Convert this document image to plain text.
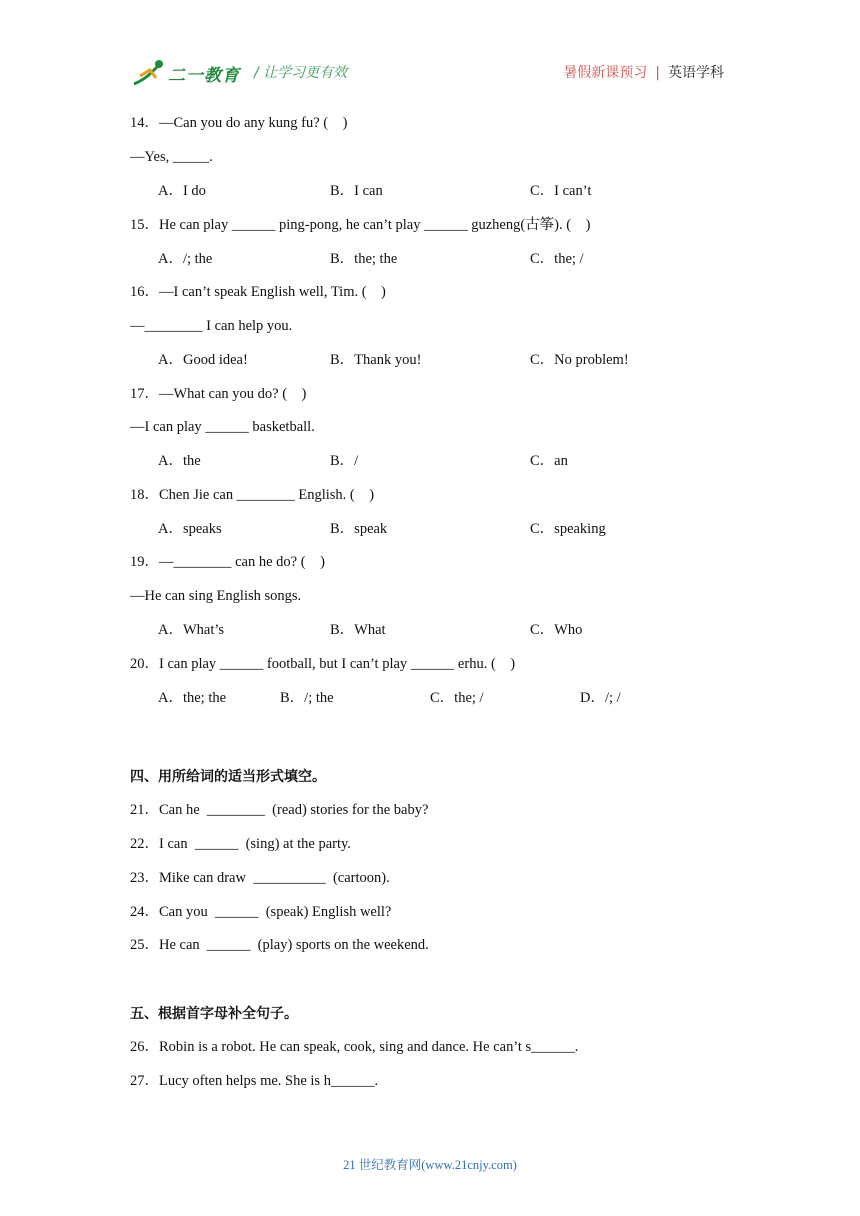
二一教育 / 让学习更有效	暑假新课预习 | 英语学科
14．—Can you do any kung fu? (    )
—Yes, _____.
A．I do	B．I can	C．I can’t
15．He can play ______ ping-pong, he can’t play ______ guzheng(古筝). (    )
A．/; the	B．the; the	C．the; /
16．—I can’t speak English well, Tim. (    )
—________ I can help you.
A．Good idea!	B．Thank you!	C．No problem!
17．—What can you do? (    )
—I can play ______ basketball.
A．the	B．/	C．an
18．Chen Jie can ________ English. (    )
A．speaks	B．speak	C．speaking
19．—________ can he do? (    )
—He can sing English songs.
A．What’s	B．What	C．Who
20．I can play ______ football, but I can’t play ______ erhu. (    )
A．the; the	B．/; the	C．the; /	D．/; /
四、用所给词的适当形式填空。
21．Can he  ________  (read) stories for the baby?
22．I can  ______  (sing) at the party.
23．Mike can draw  __________  (cartoon).
24．Can you  ______  (speak) English well?
25．He can  ______  (play) sports on the weekend.
五、根据首字母补全句子。
26．Robin is a robot. He can speak, cook, sing and dance. He can’t s______.
27．Lucy often helps me. She is h______.
21 世纪教育网(www.21cnjy.com)
